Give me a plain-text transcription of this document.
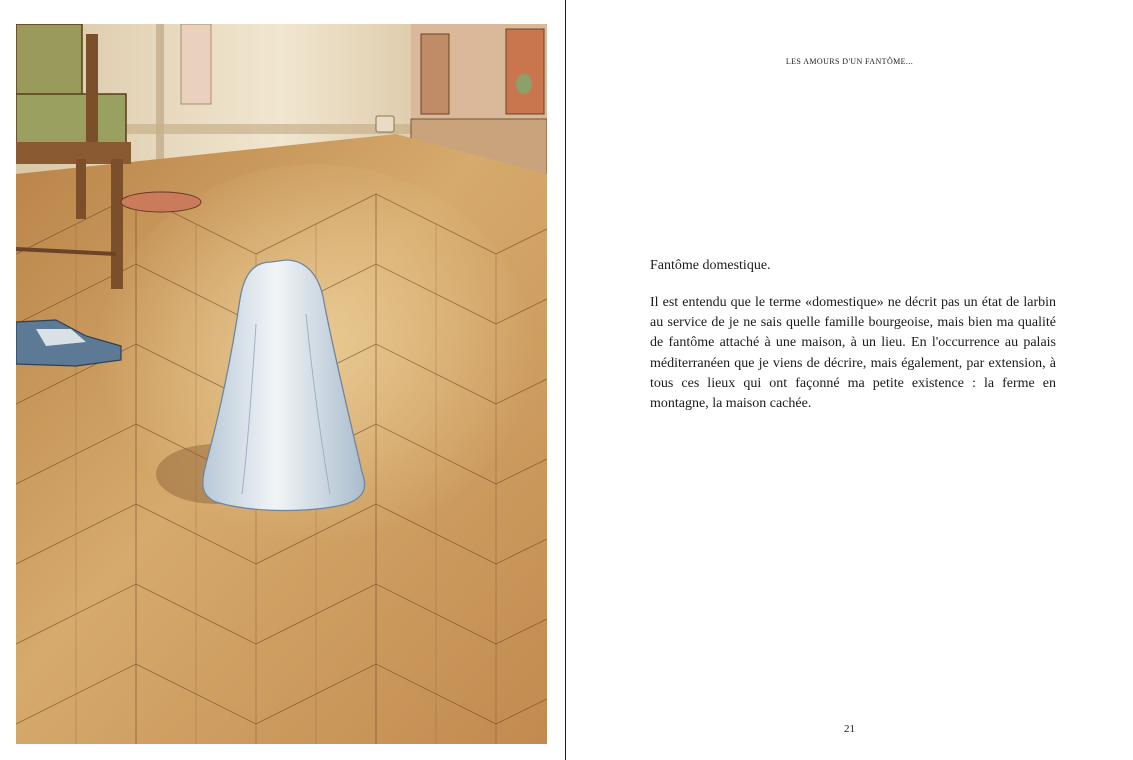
LES AMOURS D'UN FANTÔME...
Fantôme domestique.
Il est entendu que le terme «domestique» ne décrit pas un état de larbin au service de je ne sais quelle famille bourgeoise, mais bien ma qualité de fantôme attaché à une maison, à un lieu. En l'occurrence au palais méditerranéen que je viens de décrire, mais également, par extension, à tous ces lieux qui ont façonné ma petite existence : la ferme en montagne, la maison cachée.
21
